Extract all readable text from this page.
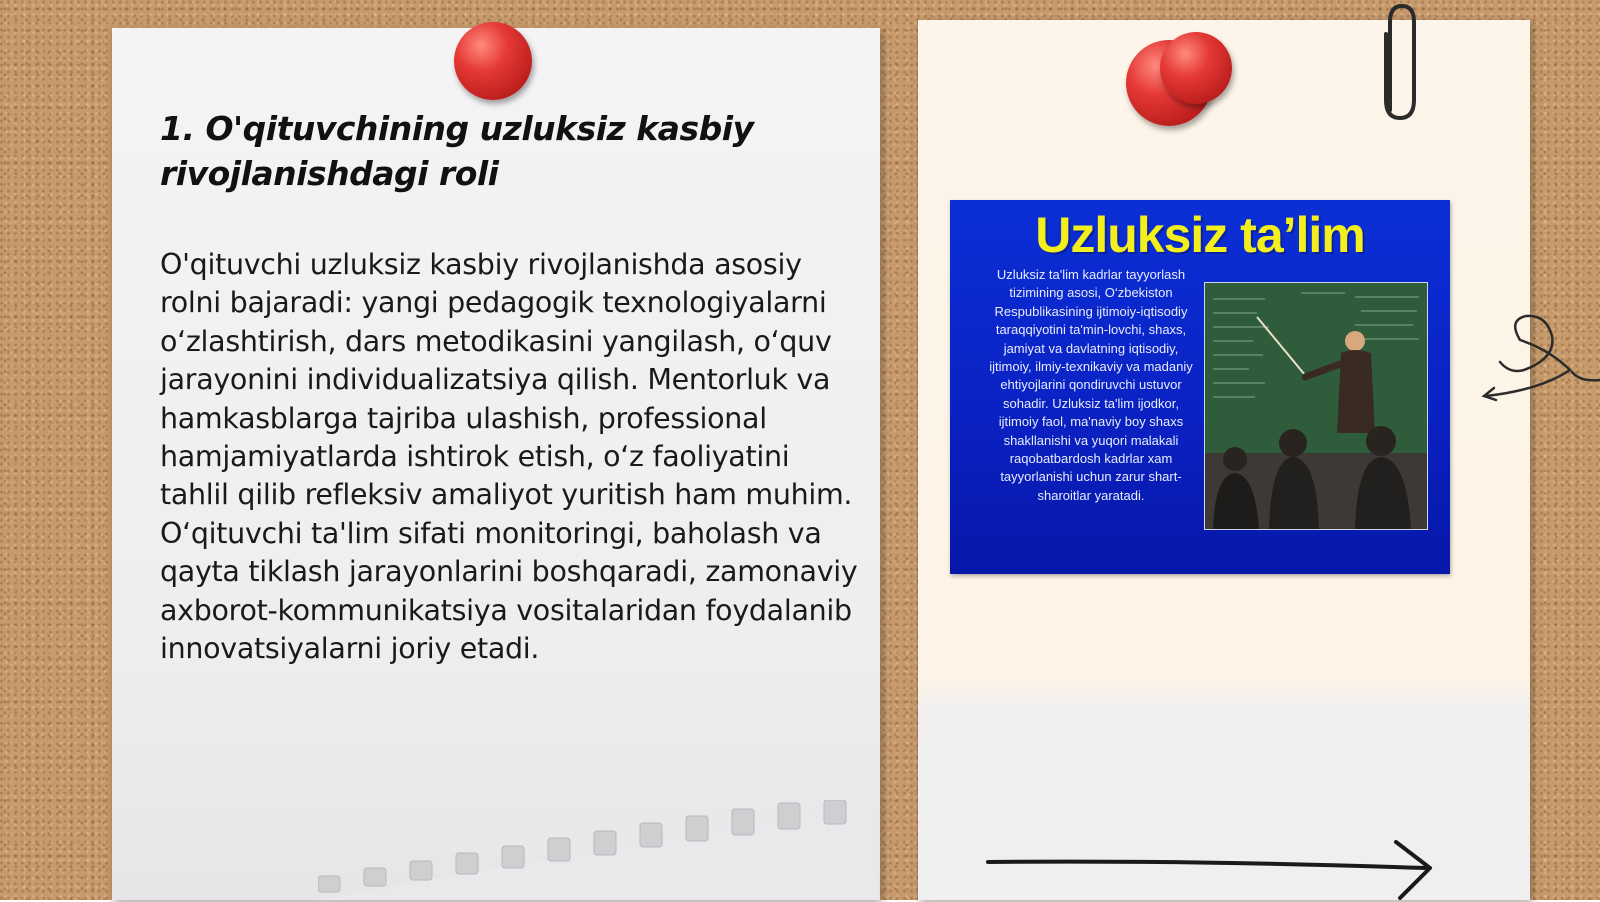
1. O'qituvchining uzluksiz kasbiy rivojlanishdagi roli

O'qituvchi uzluksiz kasbiy rivojlanishda asosiy rolni bajaradi: yangi pedagogik texnologiyalarni oʻzlashtirish, dars metodikasini yangilash, oʻquv jarayonini individualizatsiya qilish. Mentorluk va hamkasblarga tajriba ulashish, professional hamjamiyatlarda ishtirok etish, oʻz faoliyatini tahlil qilib refleksiv amaliyot yuritish ham muhim. Oʻqituvchi ta'lim sifati monitoringi, baholash va qayta tiklash jarayonlarini boshqaradi, zamonaviy axborot-kommunikatsiya vositalaridan foydalanib innovatsiyalarni joriy etadi.

Uzluksiz ta’lim

Uzluksiz ta'lim kadrlar tayyorlash tizimining asosi, O‘zbekiston Respublikasining ijtimoiy-iqtisodiy taraqqiyotini ta'min-lovchi, shaxs, jamiyat va davlatning iqtisodiy, ijtimoiy, ilmiy-texnikaviy va madaniy ehtiyojlarini qondiruvchi ustuvor sohadir. Uzluksiz ta'lim ijodkor, ijtimoiy faol, ma'naviy boy shaxs shakllanishi va yuqori malakali raqobatbardosh kadrlar xam tayyorlanishi uchun zarur shart-sharoitlar yaratadi.
